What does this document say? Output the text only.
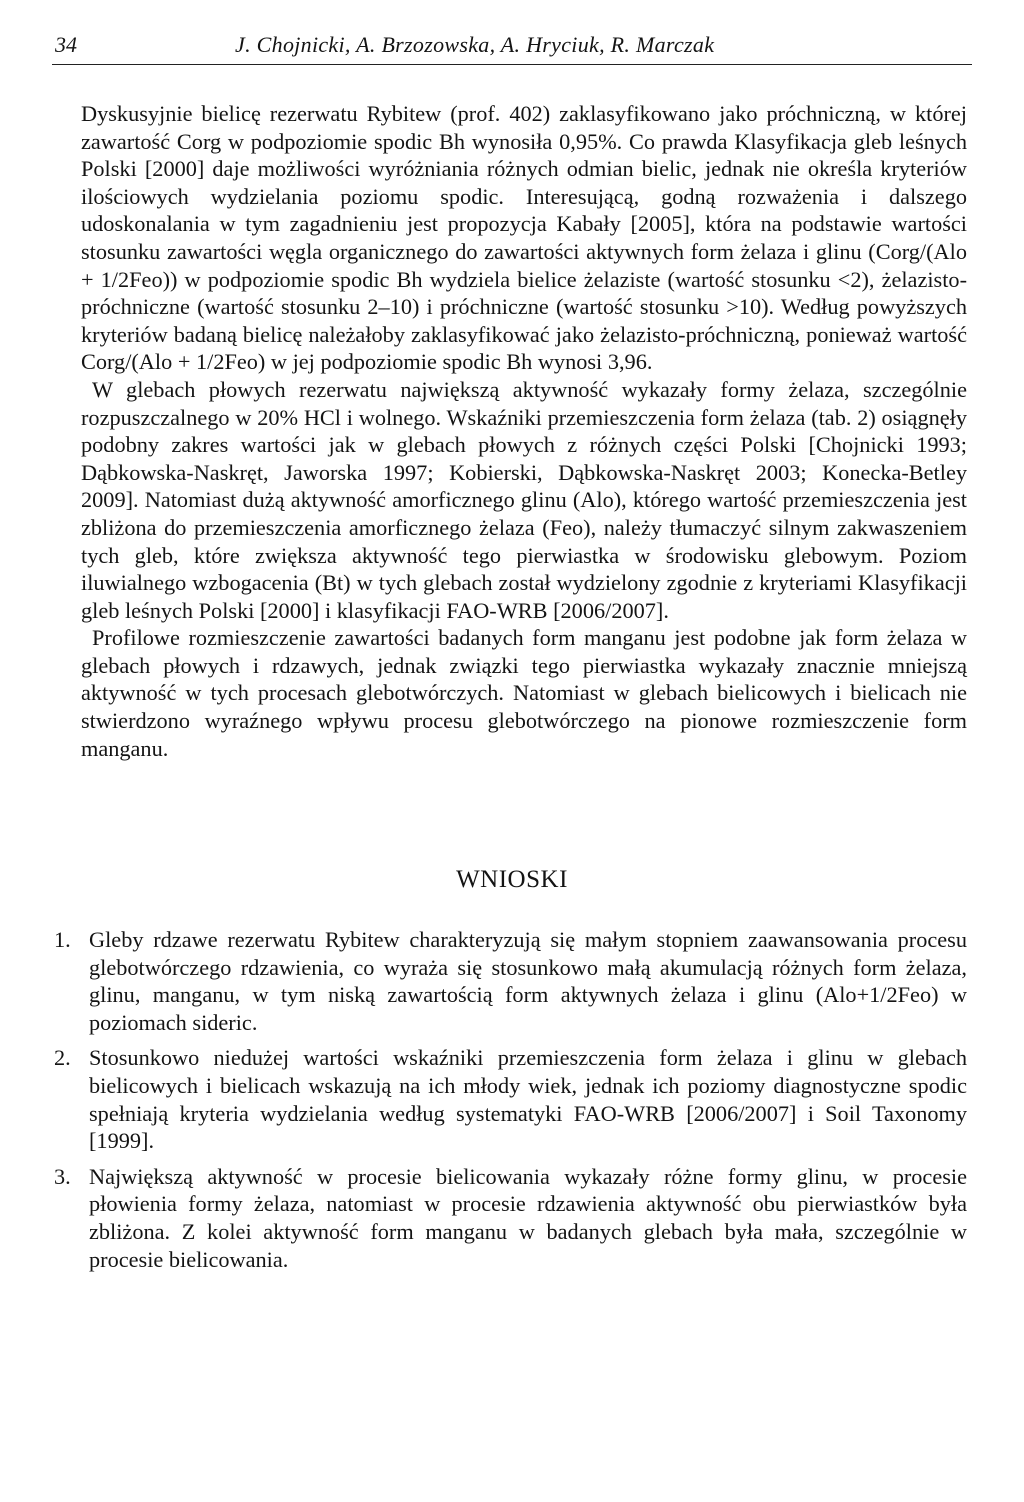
34	J. Chojnicki, A. Brzozowska, A. Hryciuk, R. Marczak

Dyskusyjnie bielicę rezerwatu Rybitew (prof. 402) zaklasyfikowano jako próchniczną, w której zawartość Corg w podpoziomie spodic Bh wynosiła 0,95%. Co prawda Klasyfikacja gleb leśnych Polski [2000] daje możliwości wyróżniania różnych odmian bielic, jednak nie określa kryteriów ilościowych wydzielania poziomu spodic. Interesującą, godną rozważenia i dalszego udoskonalania w tym zagadnieniu jest propozycja Kabały [2005], która na podstawie wartości stosunku zawartości węgla organicznego do zawartości aktywnych form żelaza i glinu (Corg/(Alo + 1/2Feo)) w podpoziomie spodic Bh wydziela bielice żelaziste (wartość stosunku <2), żelazisto-próchniczne (wartość stosunku 2–10) i próchniczne (wartość stosunku >10). Według powyższych kryteriów badaną bielicę należałoby zaklasyfikować jako żelazisto-próchniczną, ponieważ wartość Corg/(Alo + 1/2Feo) w jej podpoziomie spodic Bh wynosi 3,96.

W glebach płowych rezerwatu największą aktywność wykazały formy żelaza, szczególnie rozpuszczalnego w 20% HCl i wolnego. Wskaźniki przemieszczenia form żelaza (tab. 2) osiągnęły podobny zakres wartości jak w glebach płowych z różnych części Polski [Chojnicki 1993; Dąbkowska-Naskręt, Jaworska 1997; Kobierski, Dąbkowska-Naskręt 2003; Konecka-Betley 2009]. Natomiast dużą aktywność amorficznego glinu (Alo), którego wartość przemieszczenia jest zbliżona do przemieszczenia amorficznego żelaza (Feo), należy tłumaczyć silnym zakwaszeniem tych gleb, które zwiększa aktywność tego pierwiastka w środowisku glebowym. Poziom iluwialnego wzbogacenia (Bt) w tych glebach został wydzielony zgodnie z kryteriami Klasyfikacji gleb leśnych Polski [2000] i klasyfikacji FAO-WRB [2006/2007].

Profilowe rozmieszczenie zawartości badanych form manganu jest podobne jak form żelaza w glebach płowych i rdzawych, jednak związki tego pierwiastka wykazały znacznie mniejszą aktywność w tych procesach glebotwórczych. Natomiast w glebach bielicowych i bielicach nie stwierdzono wyraźnego wpływu procesu glebotwórczego na pionowe rozmieszczenie form manganu.

WNIOSKI
1. Gleby rdzawe rezerwatu Rybitew charakteryzują się małym stopniem zaawansowania procesu glebotwórczego rdzawienia, co wyraża się stosunkowo małą akumulacją różnych form żelaza, glinu, manganu, w tym niską zawartością form aktywnych żelaza i glinu (Alo+1/2Feo) w poziomach sideric.
2. Stosunkowo niedużej wartości wskaźniki przemieszczenia form żelaza i glinu w glebach bielicowych i bielicach wskazują na ich młody wiek, jednak ich poziomy diagnostyczne spodic spełniają kryteria wydzielania według systematyki FAO-WRB [2006/2007] i Soil Taxonomy [1999].
3. Największą aktywność w procesie bielicowania wykazały różne formy glinu, w procesie płowienia formy żelaza, natomiast w procesie rdzawienia aktywność obu pierwiastków była zbliżona. Z kolei aktywność form manganu w badanych glebach była mała, szczególnie w procesie bielicowania.
